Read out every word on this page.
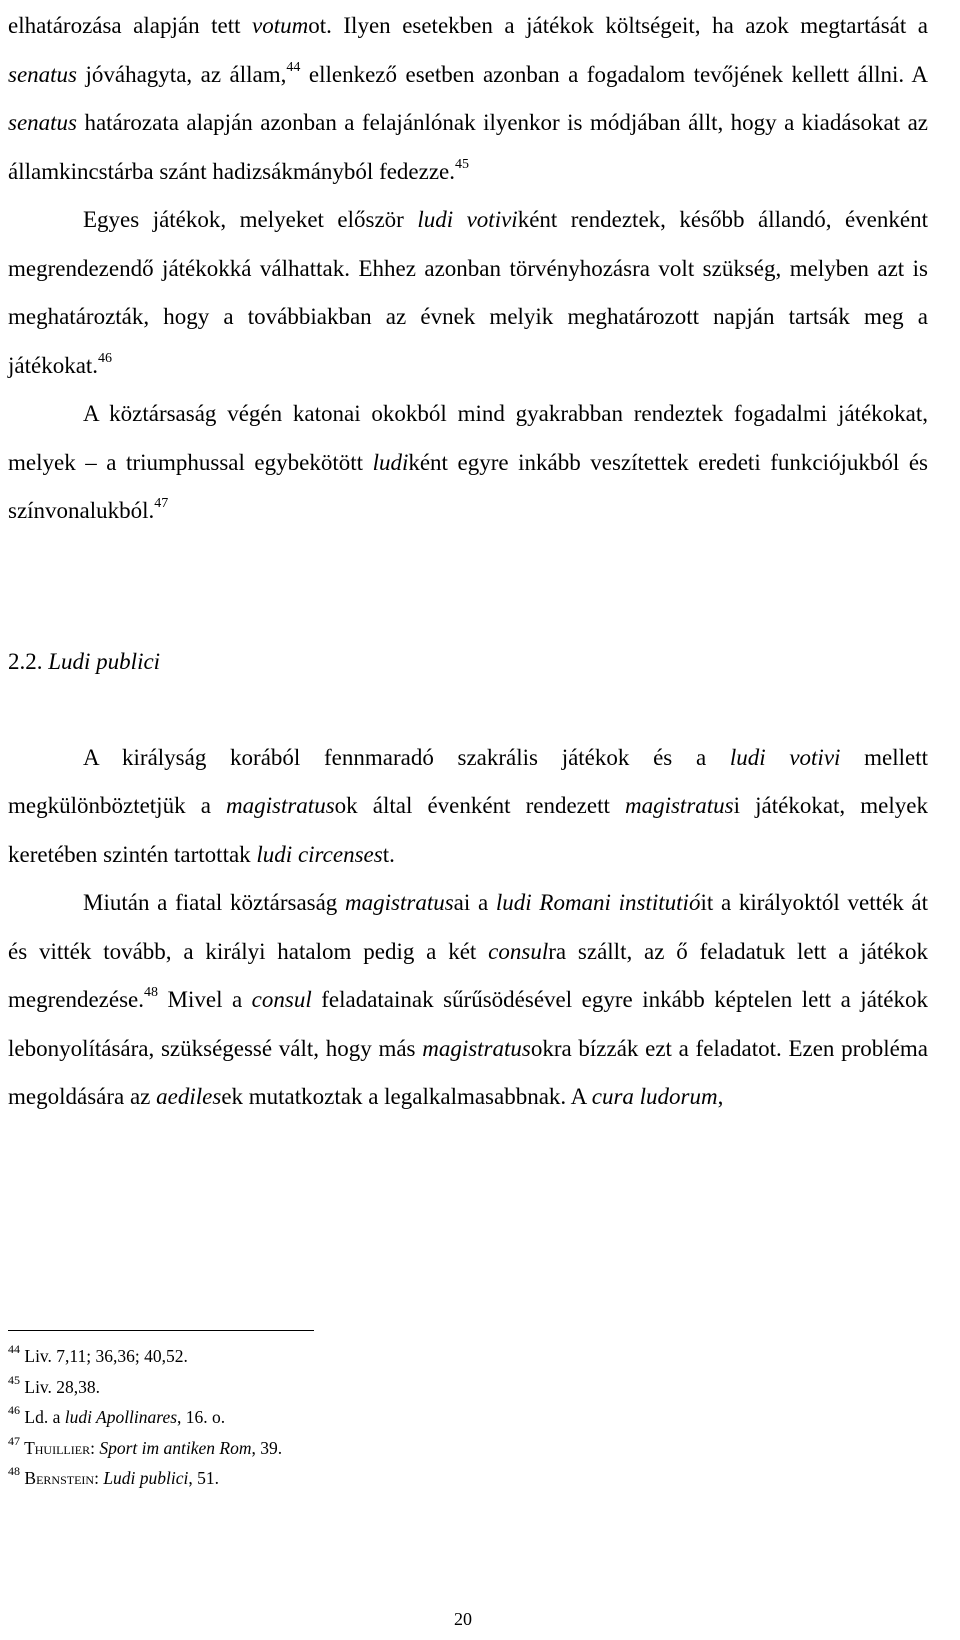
elhatározása alapján tett votumot. Ilyen esetekben a játékok költségeit, ha azok megtartását a senatus jóváhagyta, az állam,$^{44}$ ellenkező esetben azonban a fogadalom tevőjének kellett állni. A senatus határozata alapján azonban a felajánlónak ilyenkor is módjában állt, hogy a kiadásokat az államkincstárba szánt hadizsákmányból fedezze.$^{45}$

Egyes játékok, melyeket először ludi votiviként rendeztek, később állandó, évenként megrendezendő játékokká válhattak. Ehhez azonban törvényhozásra volt szükség, melyben azt is meghatározták, hogy a továbbiakban az évnek melyik meghatározott napján tartsák meg a játékokat.$^{46}$

A köztársaság végén katonai okokból mind gyakrabban rendeztek fogadalmi játékokat, melyek – a triumphussal egybekötött ludiként egyre inkább veszítettek eredeti funkciójukból és színvonalukból.$^{47}$

2.2. Ludi publici

A királyság korából fennmaradó szakrális játékok és a ludi votivi mellett megkülönböztetjük a magistratusok által évenként rendezett magistratusi játékokat, melyek keretében szintén tartottak ludi circensest.

Miután a fiatal köztársaság magistratusai a ludi Romani institutióit a királyoktól vették át és vitték tovább, a királyi hatalom pedig a két consulra szállt, az ő feladatuk lett a játékok megrendezése.$^{48}$ Mivel a consul feladatainak sűrűsödésével egyre inkább képtelen lett a játékok lebonyolítására, szükségessé vált, hogy más magistratusokra bízzák ezt a feladatot. Ezen probléma megoldására az aedilesek mutatkoztak a legalkalmasabbnak. A cura ludorum,

$^{44}$ Liv. 7,11; 36,36; 40,52.
$^{45}$ Liv. 28,38.
$^{46}$ Ld. a ludi Apollinares, 16. o.
$^{47}$ Thuillier: Sport im antiken Rom, 39.
$^{48}$ Bernstein: Ludi publici, 51.
20
